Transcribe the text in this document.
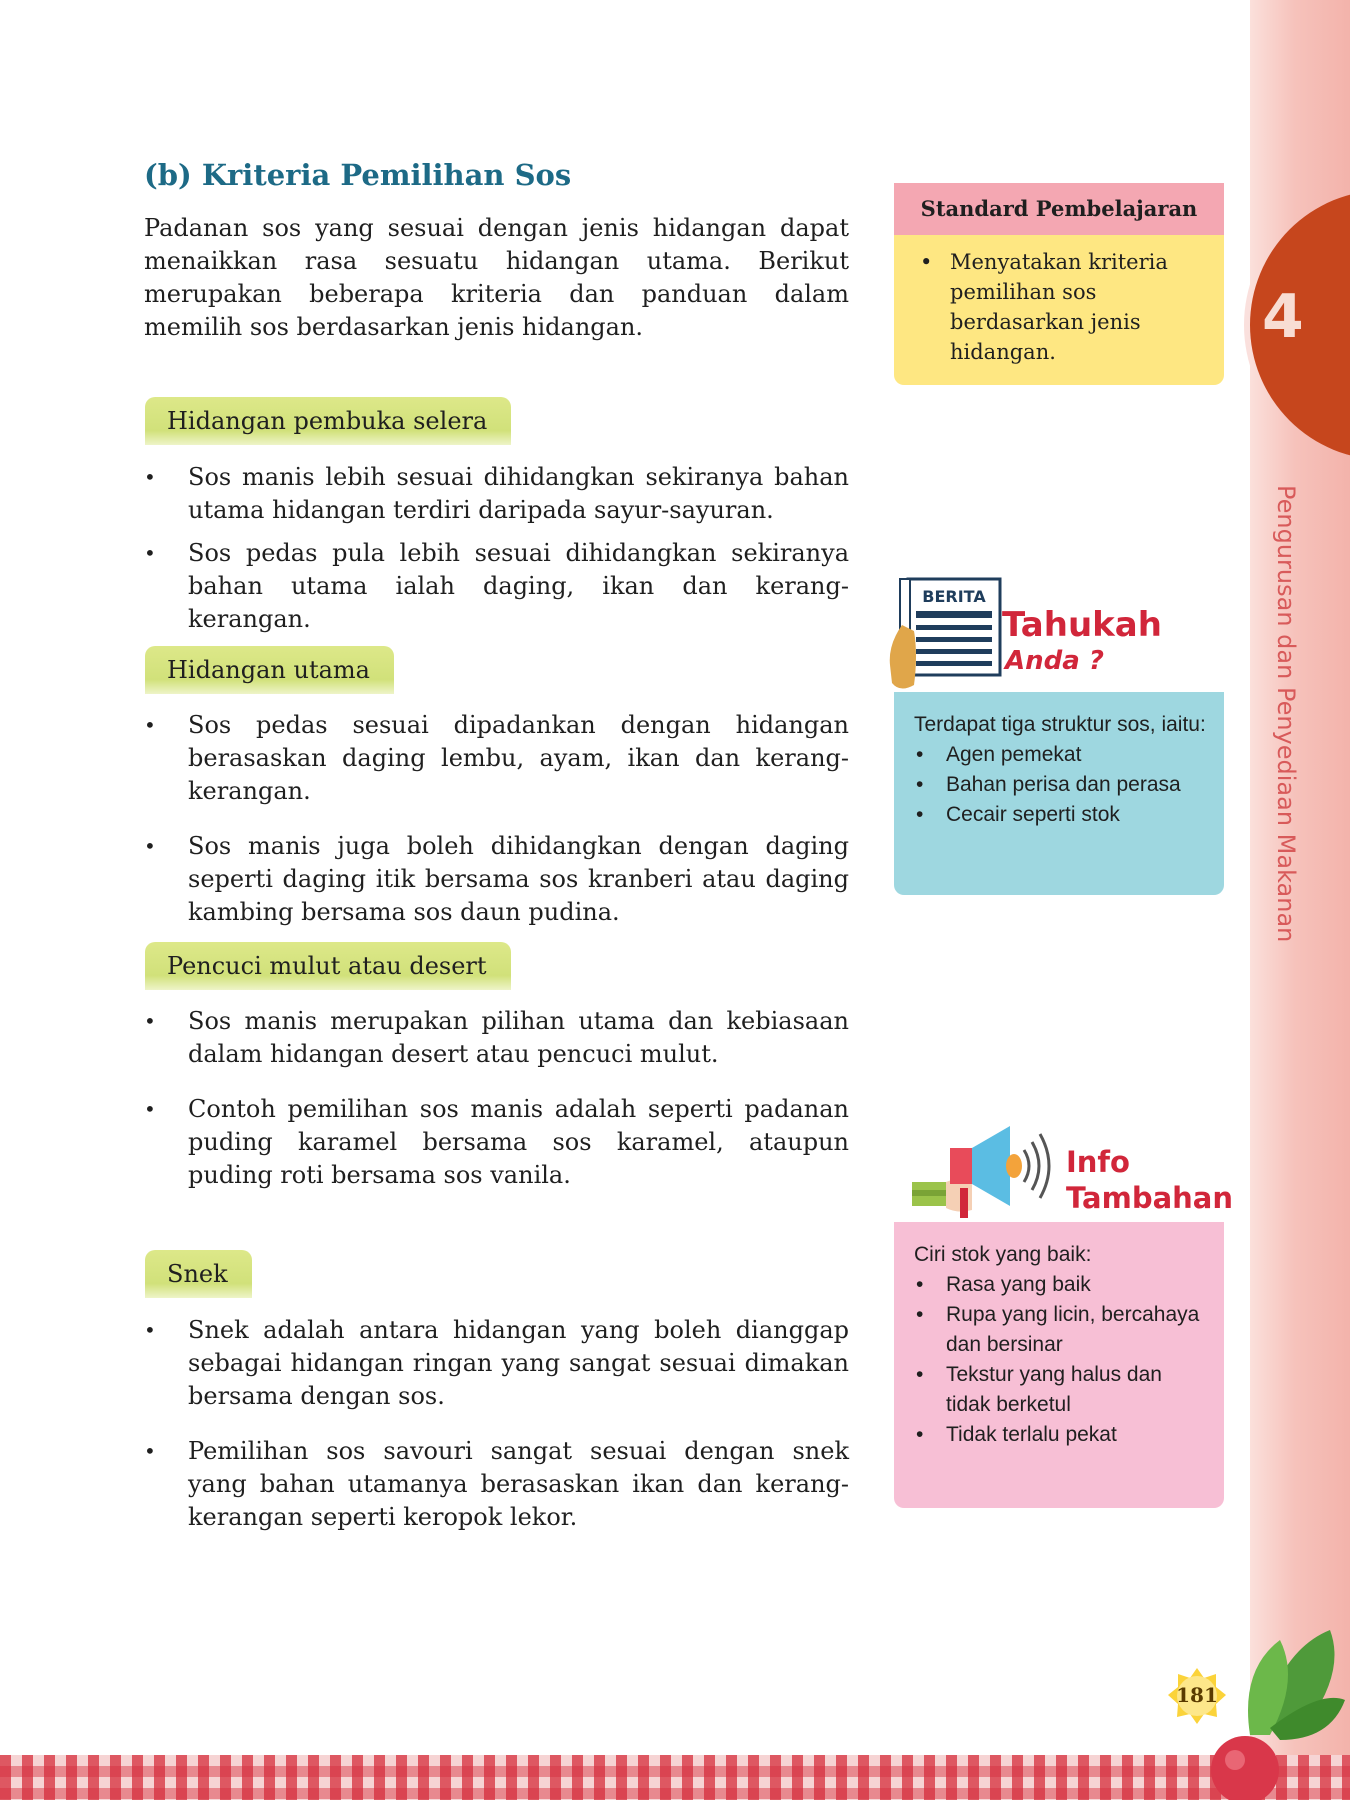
4
Pengurusan dan Penyediaan Makanan
(b) Kriteria Pemilihan Sos

Padanan sos yang sesuai dengan jenis hidangan dapat menaikkan rasa sesuatu hidangan utama. Berikut merupakan beberapa kriteria dan panduan dalam memilih sos berdasarkan jenis hidangan.

Hidangan pembuka selera
• Sos manis lebih sesuai dihidangkan sekiranya bahan utama hidangan terdiri daripada sayur-sayuran.
• Sos pedas pula lebih sesuai dihidangkan sekiranya bahan utama ialah daging, ikan dan kerang-kerangan.
Hidangan utama
• Sos pedas sesuai dipadankan dengan hidangan berasaskan daging lembu, ayam, ikan dan kerang-kerangan.
• Sos manis juga boleh dihidangkan dengan daging seperti daging itik bersama sos kranberi atau daging kambing bersama sos daun pudina.
Pencuci mulut atau desert
• Sos manis merupakan pilihan utama dan kebiasaan dalam hidangan desert atau pencuci mulut.
• Contoh pemilihan sos manis adalah seperti padanan puding karamel bersama sos karamel, ataupun puding roti bersama sos vanila.
Snek
• Snek adalah antara hidangan yang boleh dianggap sebagai hidangan ringan yang sangat sesuai dimakan bersama dengan sos.
• Pemilihan sos savouri sangat sesuai dengan snek yang bahan utamanya berasaskan ikan dan kerang-kerangan seperti keropok lekor.
Standard Pembelajaran
• Menyatakan kriteria pemilihan sos berdasarkan jenis hidangan.
BERITA
Tahukah
Anda ?

Terdapat tiga struktur sos, iaitu:

• Agen pemekat
• Bahan perisa dan perasa
• Cecair seperti stok
Info
Tambahan

Ciri stok yang baik:

• Rasa yang baik
• Rupa yang licin, bercahaya dan bersinar
• Tekstur yang halus dan tidak berketul
• Tidak terlalu pekat
181
